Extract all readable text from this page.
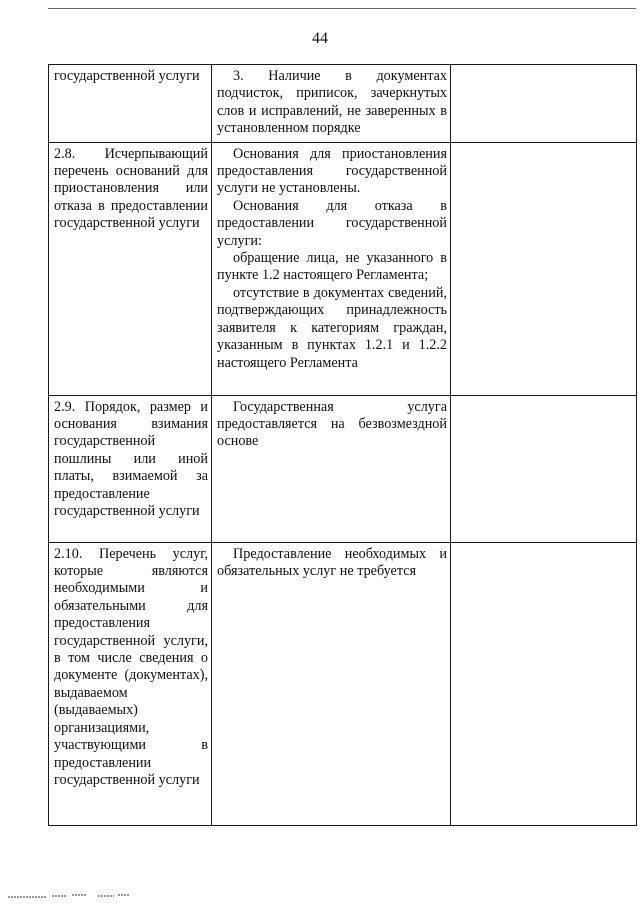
44
государственной услуги	3. Наличие в документах подчисток, приписок, зачеркнутых слов и исправлений, не заверенных в установленном порядке	

2.8. Исчерпывающий перечень оснований для приостановления или отказа в предоставлении государственной услуги	Основания для приостановления предоставления государственной услуги не установлены.

Основания для отказа в предоставлении государственной услуги:

обращение лица, не указанного в пункте 1.2 настоящего Регламента;

отсутствие в документах сведений, подтверждающих принадлежность заявителя к категориям граждан, указанным в пунктах 1.2.1 и 1.2.2 настоящего Регламента	

2.9. Порядок, размер и основания взимания государственной пошлины или иной платы, взимаемой за предоставление государственной услуги	Государственная услуга предоставляется на безвозмездной основе	

2.10. Перечень услуг, которые являются необходимыми и обязательными для предоставления государственной услуги, в том числе сведения о документе (документах), выдаваемом (выдаваемых) организациями, участвующими в предоставлении государственной услуги	Предоставление необходимых и обязательных услуг не требуется	
